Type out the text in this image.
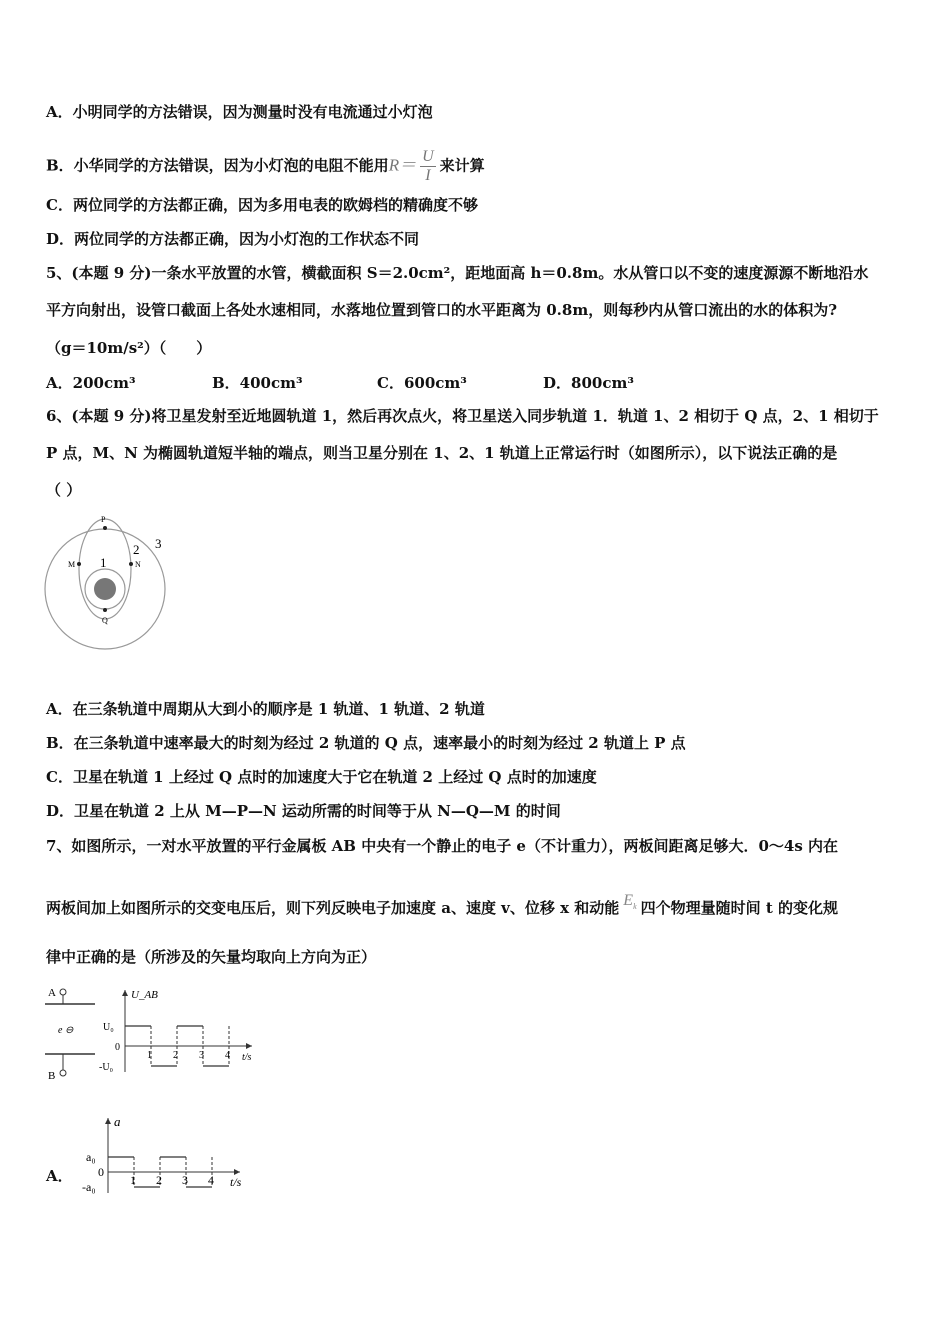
A．小明同学的方法错误，因为测量时没有电流通过小灯泡
B．小华同学的方法错误，因为小灯泡的电阻不能用$R= \frac{U}{I}$ 来计算
C．两位同学的方法都正确，因为多用电表的欧姆档的精确度不够
D．两位同学的方法都正确，因为小灯泡的工作状态不同
5、(本题 9 分)一条水平放置的水管，横截面积 S＝2.0cm²，距地面高 h＝0.8m。水从管口以不变的速度源源不断地沿水
平方向射出，设管口截面上各处水速相同，水落地位置到管口的水平距离为 0.8m，则每秒内从管口流出的水的体积为?
（g＝10m/s²）（　　）
A．200cm³	B．400cm³	C．600cm³	D．800cm³
6、(本题 9 分)将卫星发射至近地圆轨道 1，然后再次点火，将卫星送入同步轨道 1．轨道 1、2 相切于 Q 点，2、1 相切于
P 点，M、N 为椭圆轨道短半轴的端点，则当卫星分别在 1、2、1 轨道上正常运行时（如图所示），以下说法正确的是
（ ）
P
M	N
Q
1
2 3
A．在三条轨道中周期从大到小的顺序是 1 轨道、1 轨道、2 轨道
B．在三条轨道中速率最大的时刻为经过 2 轨道的 Q 点，速率最小的时刻为经过 2 轨道上 P 点
C．卫星在轨道 1 上经过 Q 点时的加速度大于它在轨道 2 上经过 Q 点时的加速度
D．卫星在轨道 2 上从 M—P—N 运动所需的时间等于从 N—Q—M 的时间
7、如图所示，一对水平放置的平行金属板 AB 中央有一个静止的电子 e（不计重力），两板间距离足够大．0～4s 内在
两板间加上如图所示的交变电压后，则下列反映电子加速度 a、速度 v、位移 x 和动能 $E_k$ 四个物理量随时间 t 的变化规
律中正确的是（所涉及的矢量均取向上方向为正）
A
B
e ⊖
U_AB
t/s
U₀
0
-U₀
1 2 3 4
A．
a
t/s
a₀
0
-a₀	1 2 3 4
